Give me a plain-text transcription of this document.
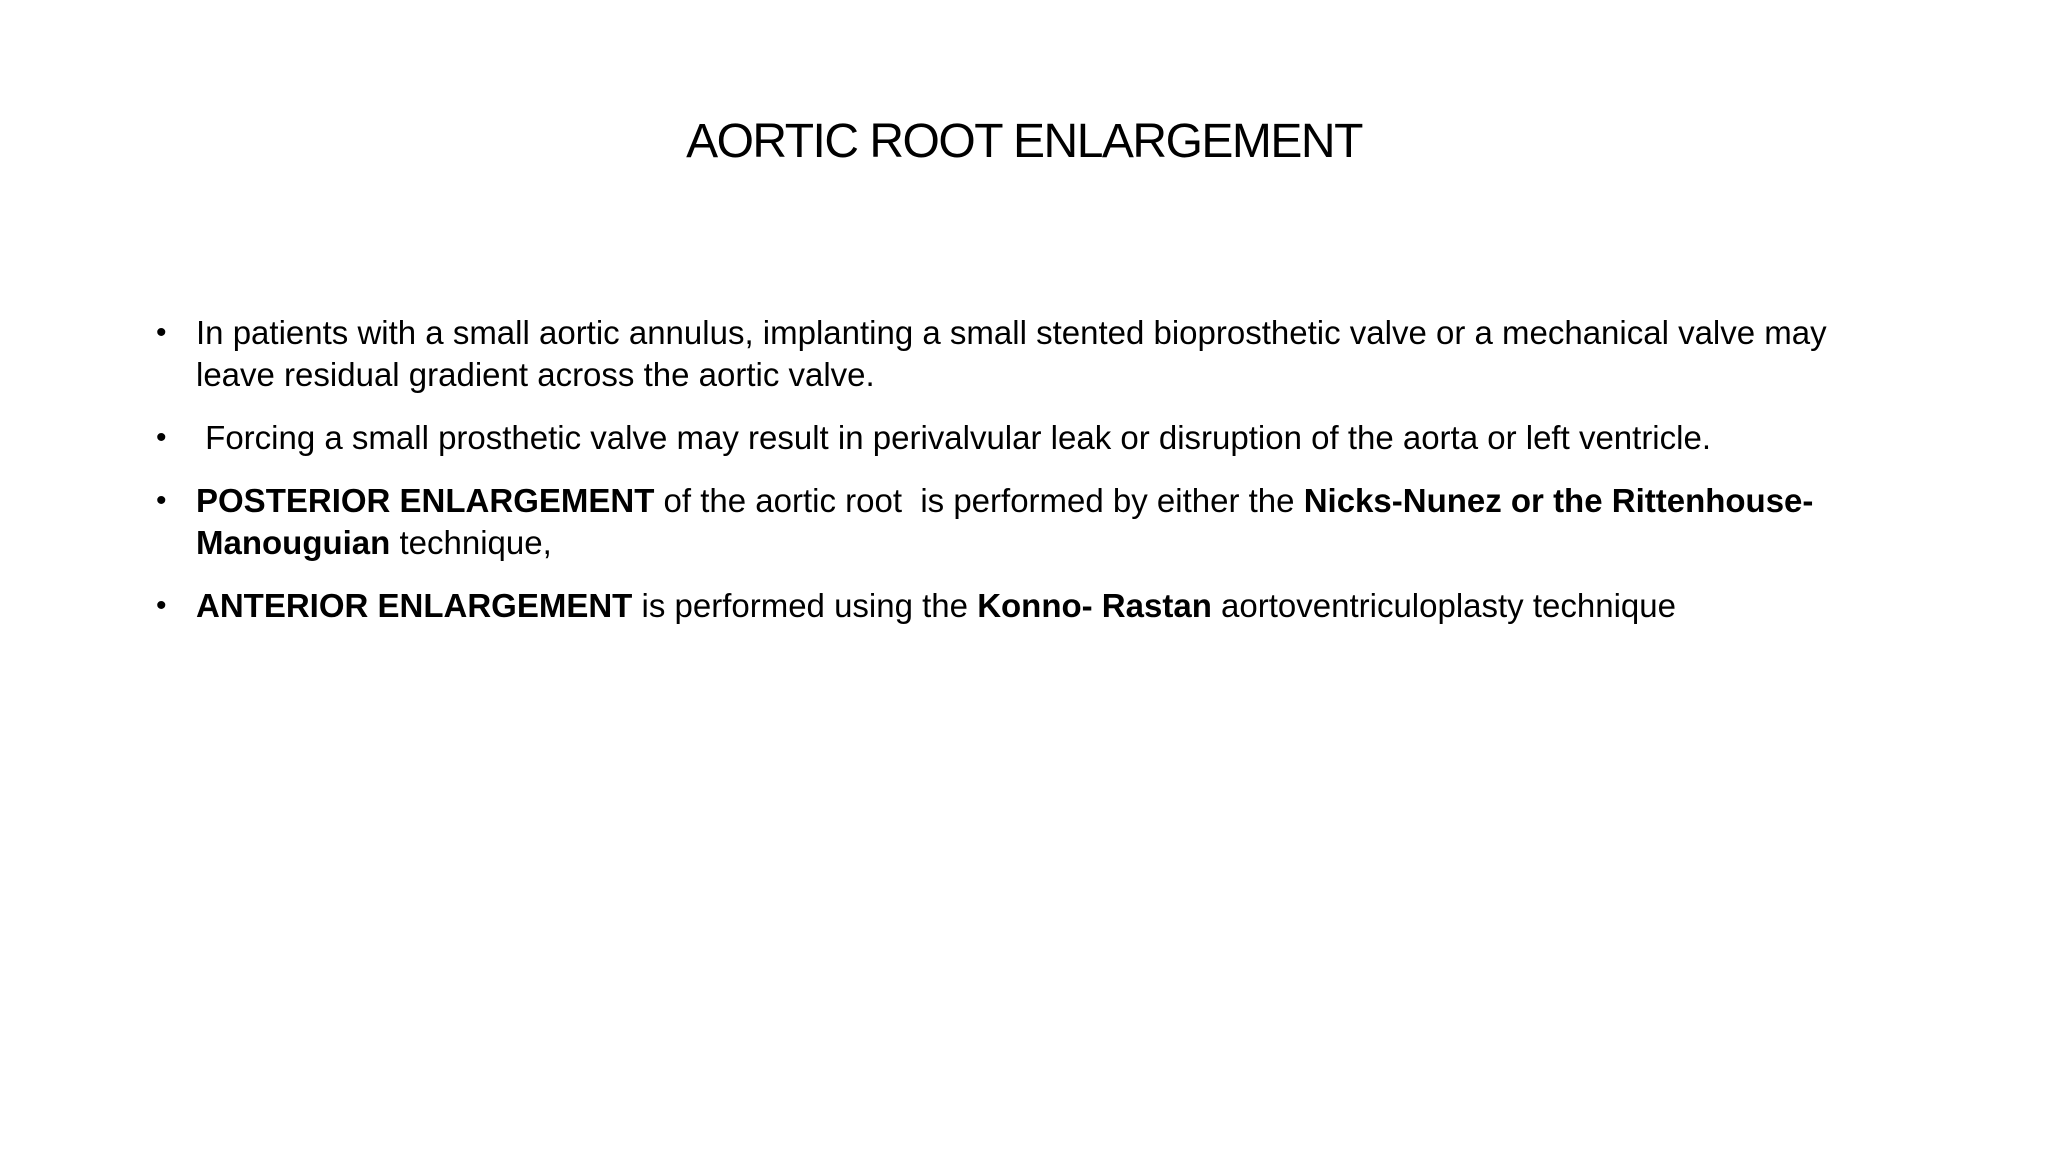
AORTIC ROOT ENLARGEMENT
• In patients with a small aortic annulus, implanting a small stented bioprosthetic valve or a mechanical valve may leave residual gradient across the aortic valve.
• Forcing a small prosthetic valve may result in perivalvular leak or disruption of the aorta or left ventricle.
• POSTERIOR ENLARGEMENT of the aortic root  is performed by either the Nicks-Nunez or the Rittenhouse-Manouguian technique,
• ANTERIOR ENLARGEMENT is performed using the Konno- Rastan aortoventriculoplasty technique
